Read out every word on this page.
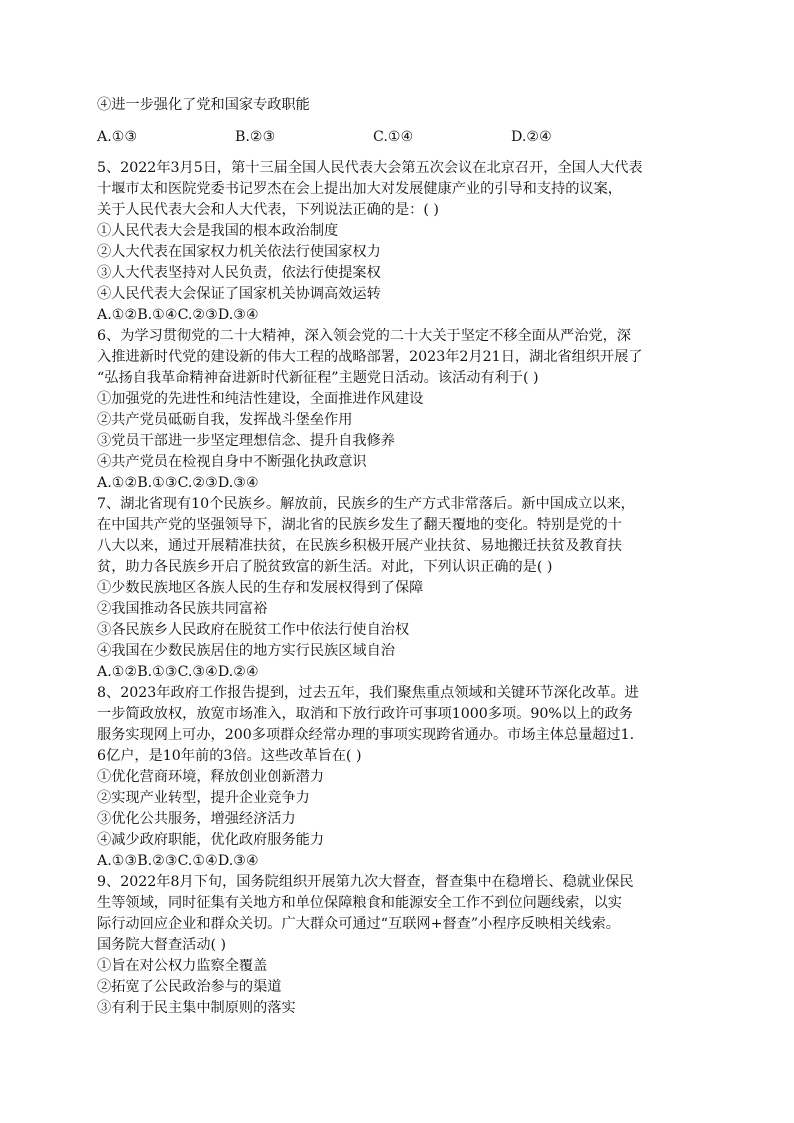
④进一步强化了党和国家专政职能
A.①③	B.②③	C.①④	D.②④
5、2022年3月5日，第十三届全国人民代表大会第五次会议在北京召开，全国人大代表
十堰市太和医院党委书记罗杰在会上提出加大对发展健康产业的引导和支持的议案，
关于人民代表大会和人大代表，下列说法正确的是：( )
①人民代表大会是我国的根本政治制度
②人大代表在国家权力机关依法行使国家权力
③人大代表坚持对人民负责，依法行使提案权
④人民代表大会保证了国家机关协调高效运转
A.①②B.①④C.②③D.③④
6、为学习贯彻党的二十大精神，深入领会党的二十大关于坚定不移全面从严治党，深
入推进新时代党的建设新的伟大工程的战略部署，2023年2月21日，湖北省组织开展了
“弘扬自我革命精神奋进新时代新征程”主题党日活动。该活动有利于( )
①加强党的先进性和纯洁性建设，全面推进作风建设
②共产党员砥砺自我，发挥战斗堡垒作用
③党员干部进一步坚定理想信念、提升自我修养
④共产党员在检视自身中不断强化执政意识
A.①②B.①③C.②③D.③④
7、湖北省现有10个民族乡。解放前，民族乡的生产方式非常落后。新中国成立以来，
在中国共产党的坚强领导下，湖北省的民族乡发生了翻天覆地的变化。特别是党的十
八大以来，通过开展精准扶贫，在民族乡积极开展产业扶贫、易地搬迁扶贫及教育扶
贫，助力各民族乡开启了脱贫致富的新生活。对此，下列认识正确的是( )
①少数民族地区各族人民的生存和发展权得到了保障
②我国推动各民族共同富裕
③各民族乡人民政府在脱贫工作中依法行使自治权
④我国在少数民族居住的地方实行民族区域自治
A.①②B.①③C.③④D.②④
8、2023年政府工作报告提到，过去五年，我们聚焦重点领域和关键环节深化改革。进
一步简政放权，放宽市场准入，取消和下放行政许可事项1000多项。90%以上的政务
服务实现网上可办，200多项群众经常办理的事项实现跨省通办。市场主体总量超过1.
6亿户，是10年前的3倍。这些改革旨在( )
①优化营商环境，释放创业创新潜力
②实现产业转型，提升企业竞争力
③优化公共服务，增强经济活力
④减少政府职能，优化政府服务能力
A.①③B.②③C.①④D.③④
9、2022年8月下旬，国务院组织开展第九次大督查，督查集中在稳增长、稳就业保民
生等领域，同时征集有关地方和单位保障粮食和能源安全工作不到位问题线索，以实
际行动回应企业和群众关切。广大群众可通过“互联网+督查”小程序反映相关线索。
国务院大督查活动( )
①旨在对公权力监察全覆盖
②拓宽了公民政治参与的渠道
③有利于民主集中制原则的落实
